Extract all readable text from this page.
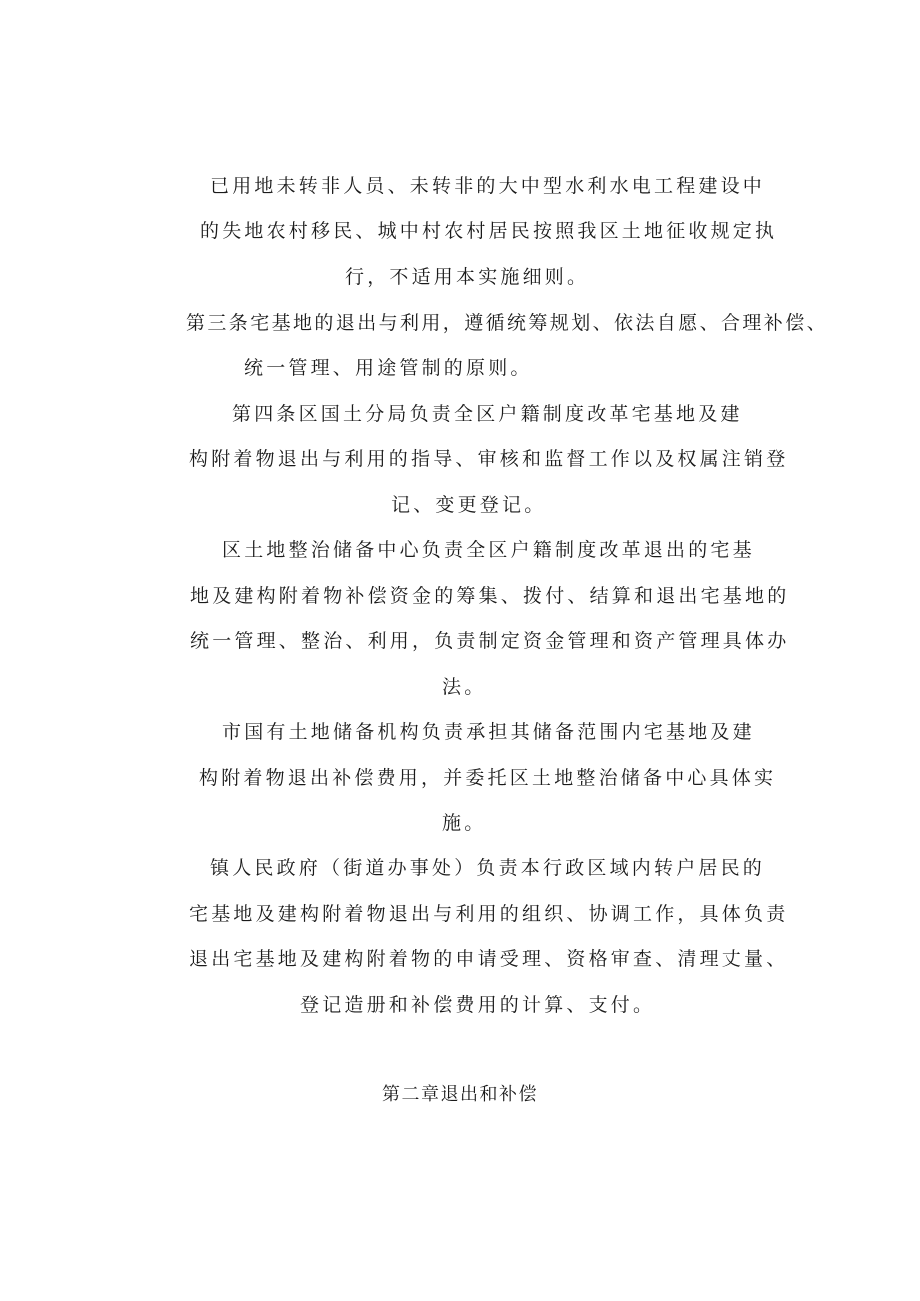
已用地未转非人员、未转非的大中型水利水电工程建设中
的失地农村移民、城中村农村居民按照我区土地征收规定执
行，不适用本实施细则。
第三条宅基地的退出与利用，遵循统筹规划、依法自愿、合理补偿、
统一管理、用途管制的原则。
第四条区国土分局负责全区户籍制度改革宅基地及建
构附着物退出与利用的指导、审核和监督工作以及权属注销登
记、变更登记。
区土地整治储备中心负责全区户籍制度改革退出的宅基
地及建构附着物补偿资金的筹集、拨付、结算和退出宅基地的
统一管理、整治、利用，负责制定资金管理和资产管理具体办
法。
市国有土地储备机构负责承担其储备范围内宅基地及建
构附着物退出补偿费用，并委托区土地整治储备中心具体实
施。
镇人民政府（街道办事处）负责本行政区域内转户居民的
宅基地及建构附着物退出与利用的组织、协调工作，具体负责
退出宅基地及建构附着物的申请受理、资格审查、清理丈量、
登记造册和补偿费用的计算、支付。
第二章退出和补偿
